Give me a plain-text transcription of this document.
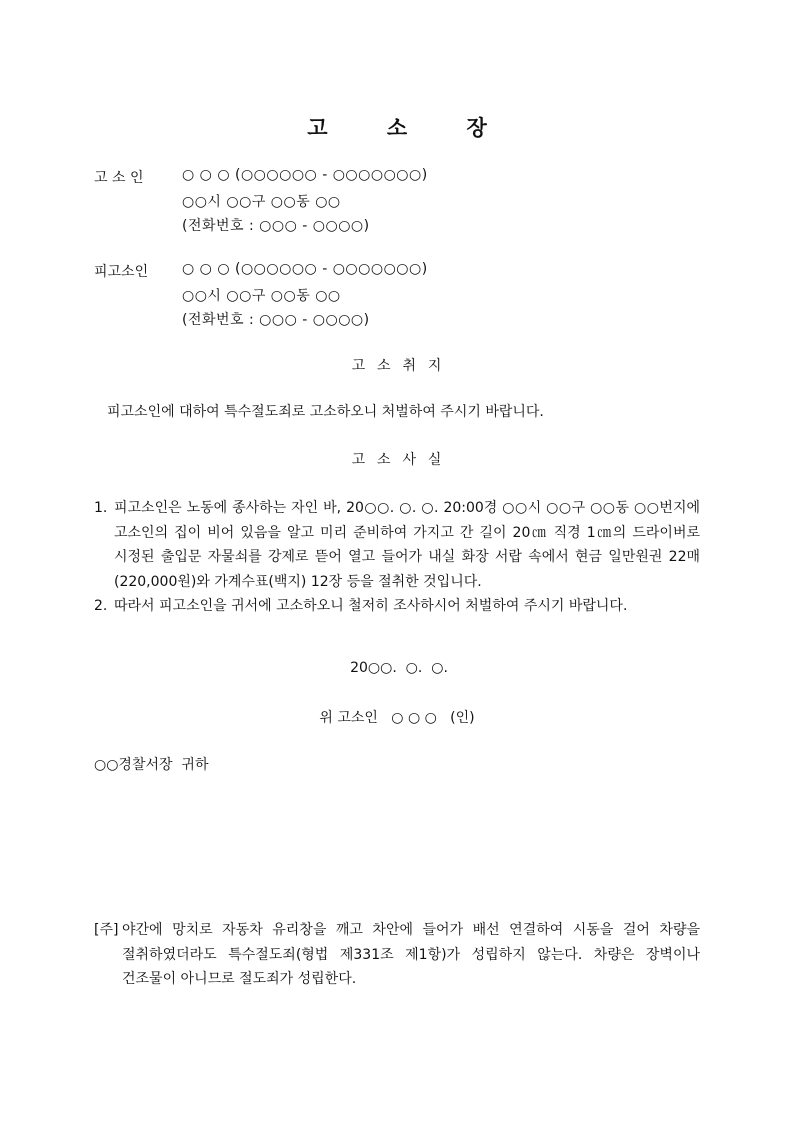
고 소 장
고 소 인	○ ○ ○ (○○○○○○ - ○○○○○○○)
○○시 ○○구 ○○동 ○○
(전화번호 : ○○○ - ○○○○)
피고소인 ○ ○ ○ (○○○○○○ - ○○○○○○○)
○○시 ○○구 ○○동 ○○
(전화번호 : ○○○ - ○○○○)
고  소  취  지
피고소인에 대하여 특수절도죄로 고소하오니 처벌하여 주시기 바랍니다.
고  소  사  실
1. 피고소인은 노동에 종사하는 자인 바, 20○○. ○. ○. 20:00경 ○○시 ○○구 ○○동 ○○번지에 고소인의 집이 비어 있음을 알고 미리 준비하여 가지고 간 길이 20㎝ 직경 1㎝의 드라이버로 시정된 출입문 자물쇠를 강제로 뜯어 열고 들어가 내실 화장 서랍 속에서 현금 일만원권 22매(220,000원)와 가계수표(백지) 12장 등을 절취한 것입니다.
2. 따라서 피고소인을 귀서에 고소하오니 철저히 조사하시어 처벌하여 주시기 바랍니다.
20○○.  ○.  ○.
위 고소인   ○ ○ ○   (인)
○○경찰서장  귀하
[주] 야간에 망치로 자동차 유리창을 깨고 차안에 들어가 배선 연결하여 시동을 걸어 차량을 절취하였더라도 특수절도죄(형법 제331조 제1항)가 성립하지 않는다. 차량은 장벽이나 건조물이 아니므로 절도죄가 성립한다.
